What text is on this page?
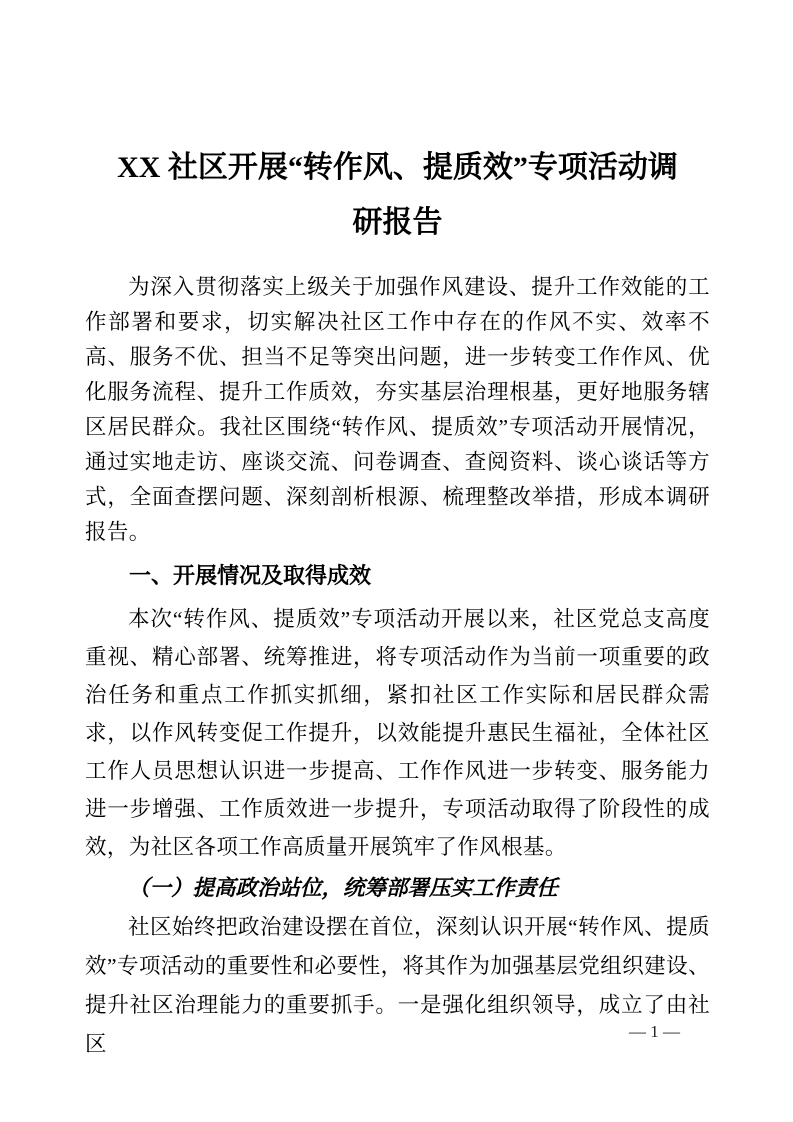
XX 社区开展“转作风、提质效”专项活动调
研报告

为深入贯彻落实上级关于加强作风建设、提升工作效能的工作部署和要求，切实解决社区工作中存在的作风不实、效率不高、服务不优、担当不足等突出问题，进一步转变工作作风、优化服务流程、提升工作质效，夯实基层治理根基，更好地服务辖区居民群众。我社区围绕“转作风、提质效”专项活动开展情况，通过实地走访、座谈交流、问卷调查、查阅资料、谈心谈话等方式，全面查摆问题、深刻剖析根源、梳理整改举措，形成本调研报告。

一、开展情况及取得成效

本次“转作风、提质效”专项活动开展以来，社区党总支高度重视、精心部署、统筹推进，将专项活动作为当前一项重要的政治任务和重点工作抓实抓细，紧扣社区工作实际和居民群众需求，以作风转变促工作提升，以效能提升惠民生福祉，全体社区工作人员思想认识进一步提高、工作作风进一步转变、服务能力进一步增强、工作质效进一步提升，专项活动取得了阶段性的成效，为社区各项工作高质量开展筑牢了作风根基。

（一）提高政治站位，统筹部署压实工作责任

社区始终把政治建设摆在首位，深刻认识开展“转作风、提质效”专项活动的重要性和必要性，将其作为加强基层党组织建设、提升社区治理能力的重要抓手。一是强化组织领导，成立了由社区

— 1 —
